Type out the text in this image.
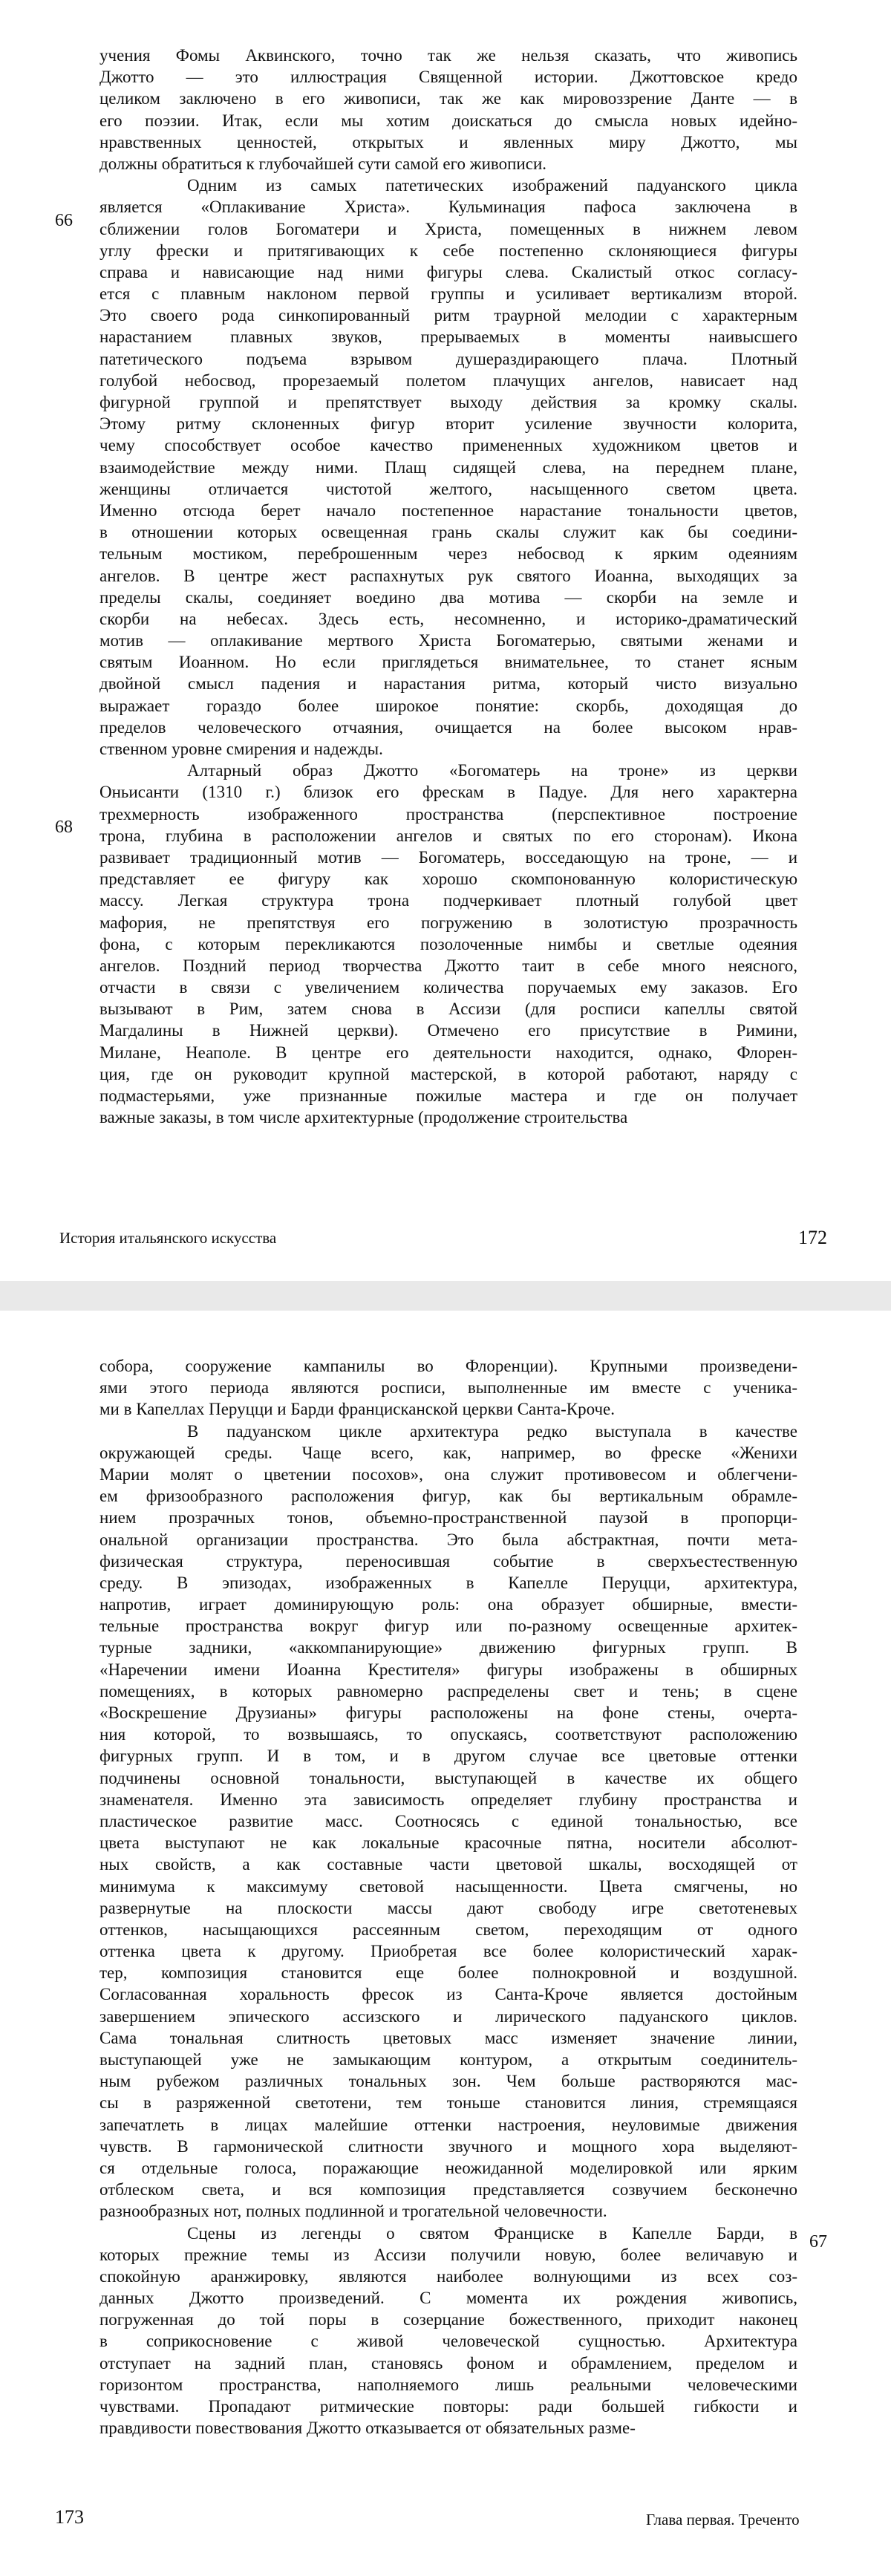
учения Фомы Аквинского, точно так же нельзя сказать, что живопись
Джотто — это иллюстрация Священной истории. Джоттовское кредо
целиком заключено в его живописи, так же как мировоззрение Данте — в
его поэзии. Итак, если мы хотим доискаться до смысла новых идейно-
нравственных ценностей, открытых и явленных миру Джотто, мы
должны обратиться к глубочайшей сути самой его живописи.
Одним из самых патетических изображений падуанского цикла
является «Оплакивание Христа». Кульминация пафоса заключена в
сближении голов Богоматери и Христа, помещенных в нижнем левом
углу фрески и притягивающих к себе постепенно склоняющиеся фигуры
справа и нависающие над ними фигуры слева. Скалистый откос согласу-
ется с плавным наклоном первой группы и усиливает вертикализм второй.
Это своего рода синкопированный ритм траурной мелодии с характерным
нарастанием плавных звуков, прерываемых в моменты наивысшего
патетического подъема взрывом душераздирающего плача. Плотный
голубой небосвод, прорезаемый полетом плачущих ангелов, нависает над
фигурной группой и препятствует выходу действия за кромку скалы.
Этому ритму склоненных фигур вторит усиление звучности колорита,
чему способствует особое качество примененных художником цветов и
взаимодействие между ними. Плащ сидящей слева, на переднем плане,
женщины отличается чистотой желтого, насыщенного светом цвета.
Именно отсюда берет начало постепенное нарастание тональности цветов,
в отношении которых освещенная грань скалы служит как бы соедини-
тельным мостиком, переброшенным через небосвод к ярким одеяниям
ангелов. В центре жест распахнутых рук святого Иоанна, выходящих за
пределы скалы, соединяет воедино два мотива — скорби на земле и
скорби на небесах. Здесь есть, несомненно, и историко-драматический
мотив — оплакивание мертвого Христа Богоматерью, святыми женами и
святым Иоанном. Но если приглядеться внимательнее, то станет ясным
двойной смысл падения и нарастания ритма, который чисто визуально
выражает гораздо более широкое понятие: скорбь, доходящая до
пределов человеческого отчаяния, очищается на более высоком нрав-
ственном уровне смирения и надежды.
Алтарный образ Джотто «Богоматерь на троне» из церкви
Оньисанти (1310 г.) близок его фрескам в Падуе. Для него характерна
трехмерность изображенного пространства (перспективное построение
трона, глубина в расположении ангелов и святых по его сторонам). Икона
развивает традиционный мотив — Богоматерь, восседающую на троне, — и
представляет ее фигуру как хорошо скомпонованную колористическую
массу. Легкая структура трона подчеркивает плотный голубой цвет
мафория, не препятствуя его погружению в золотистую прозрачность
фона, с которым перекликаются позолоченные нимбы и светлые одеяния
ангелов. Поздний период творчества Джотто таит в себе много неясного,
отчасти в связи с увеличением количества поручаемых ему заказов. Его
вызывают в Рим, затем снова в Ассизи (для росписи капеллы святой
Магдалины в Нижней церкви). Отмечено его присутствие в Римини,
Милане, Неаполе. В центре его деятельности находится, однако, Флорен-
ция, где он руководит крупной мастерской, в которой работают, наряду с
подмастерьями, уже признанные пожилые мастера и где он получает
важные заказы, в том числе архитектурные (продолжение строительства
66
68
История итальянского искусства	172
собора, сооружение кампанилы во Флоренции). Крупными произведени-
ями этого периода являются росписи, выполненные им вместе с ученика-
ми в Капеллах Перуцци и Барди францисканской церкви Санта-Кроче.
В падуанском цикле архитектура редко выступала в качестве
окружающей среды. Чаще всего, как, например, во фреске «Женихи
Марии молят о цветении посохов», она служит противовесом и облегчени-
ем фризообразного расположения фигур, как бы вертикальным обрамле-
нием прозрачных тонов, объемно-пространственной паузой в пропорци-
ональной организации пространства. Это была абстрактная, почти мета-
физическая структура, переносившая событие в сверхъестественную
среду. В эпизодах, изображенных в Капелле Перуцци, архитектура,
напротив, играет доминирующую роль: она образует обширные, вмести-
тельные пространства вокруг фигур или по-разному освещенные архитек-
турные задники, «аккомпанирующие» движению фигурных групп. В
«Наречении имени Иоанна Крестителя» фигуры изображены в обширных
помещениях, в которых равномерно распределены свет и тень; в сцене
«Воскрешение Друзианы» фигуры расположены на фоне стены, очерта-
ния которой, то возвышаясь, то опускаясь, соответствуют расположению
фигурных групп. И в том, и в другом случае все цветовые оттенки
подчинены основной тональности, выступающей в качестве их общего
знаменателя. Именно эта зависимость определяет глубину пространства и
пластическое развитие масс. Соотносясь с единой тональностью, все
цвета выступают не как локальные красочные пятна, носители абсолют-
ных свойств, а как составные части цветовой шкалы, восходящей от
минимума к максимуму световой насыщенности. Цвета смягчены, но
развернутые на плоскости массы дают свободу игре светотеневых
оттенков, насыщающихся рассеянным светом, переходящим от одного
оттенка цвета к другому. Приобретая все более колористический харак-
тер, композиция становится еще более полнокровной и воздушной.
Согласованная хоральность фресок из Санта-Кроче является достойным
завершением эпического ассизского и лирического падуанского циклов.
Сама тональная слитность цветовых масс изменяет значение линии,
выступающей уже не замыкающим контуром, а открытым соединитель-
ным рубежом различных тональных зон. Чем больше растворяются мас-
сы в разряженной светотени, тем тоньше становится линия, стремящаяся
запечатлеть в лицах малейшие оттенки настроения, неуловимые движения
чувств. В гармонической слитности звучного и мощного хора выделяют-
ся отдельные голоса, поражающие неожиданной моделировкой или ярким
отблеском света, и вся композиция представляется созвучием бесконечно
разнообразных нот, полных подлинной и трогательной человечности.
Сцены из легенды о святом Франциске в Капелле Барди, в
которых прежние темы из Ассизи получили новую, более величавую и
спокойную аранжировку, являются наиболее волнующими из всех соз-
данных Джотто произведений. С момента их рождения живопись,
погруженная до той поры в созерцание божественного, приходит наконец
в соприкосновение с живой человеческой сущностью. Архитектура
отступает на задний план, становясь фоном и обрамлением, пределом и
горизонтом пространства, наполняемого лишь реальными человеческими
чувствами. Пропадают ритмические повторы: ради большей гибкости и
правдивости повествования Джотто отказывается от обязательных разме-
67
173	Глава первая. Треченто
